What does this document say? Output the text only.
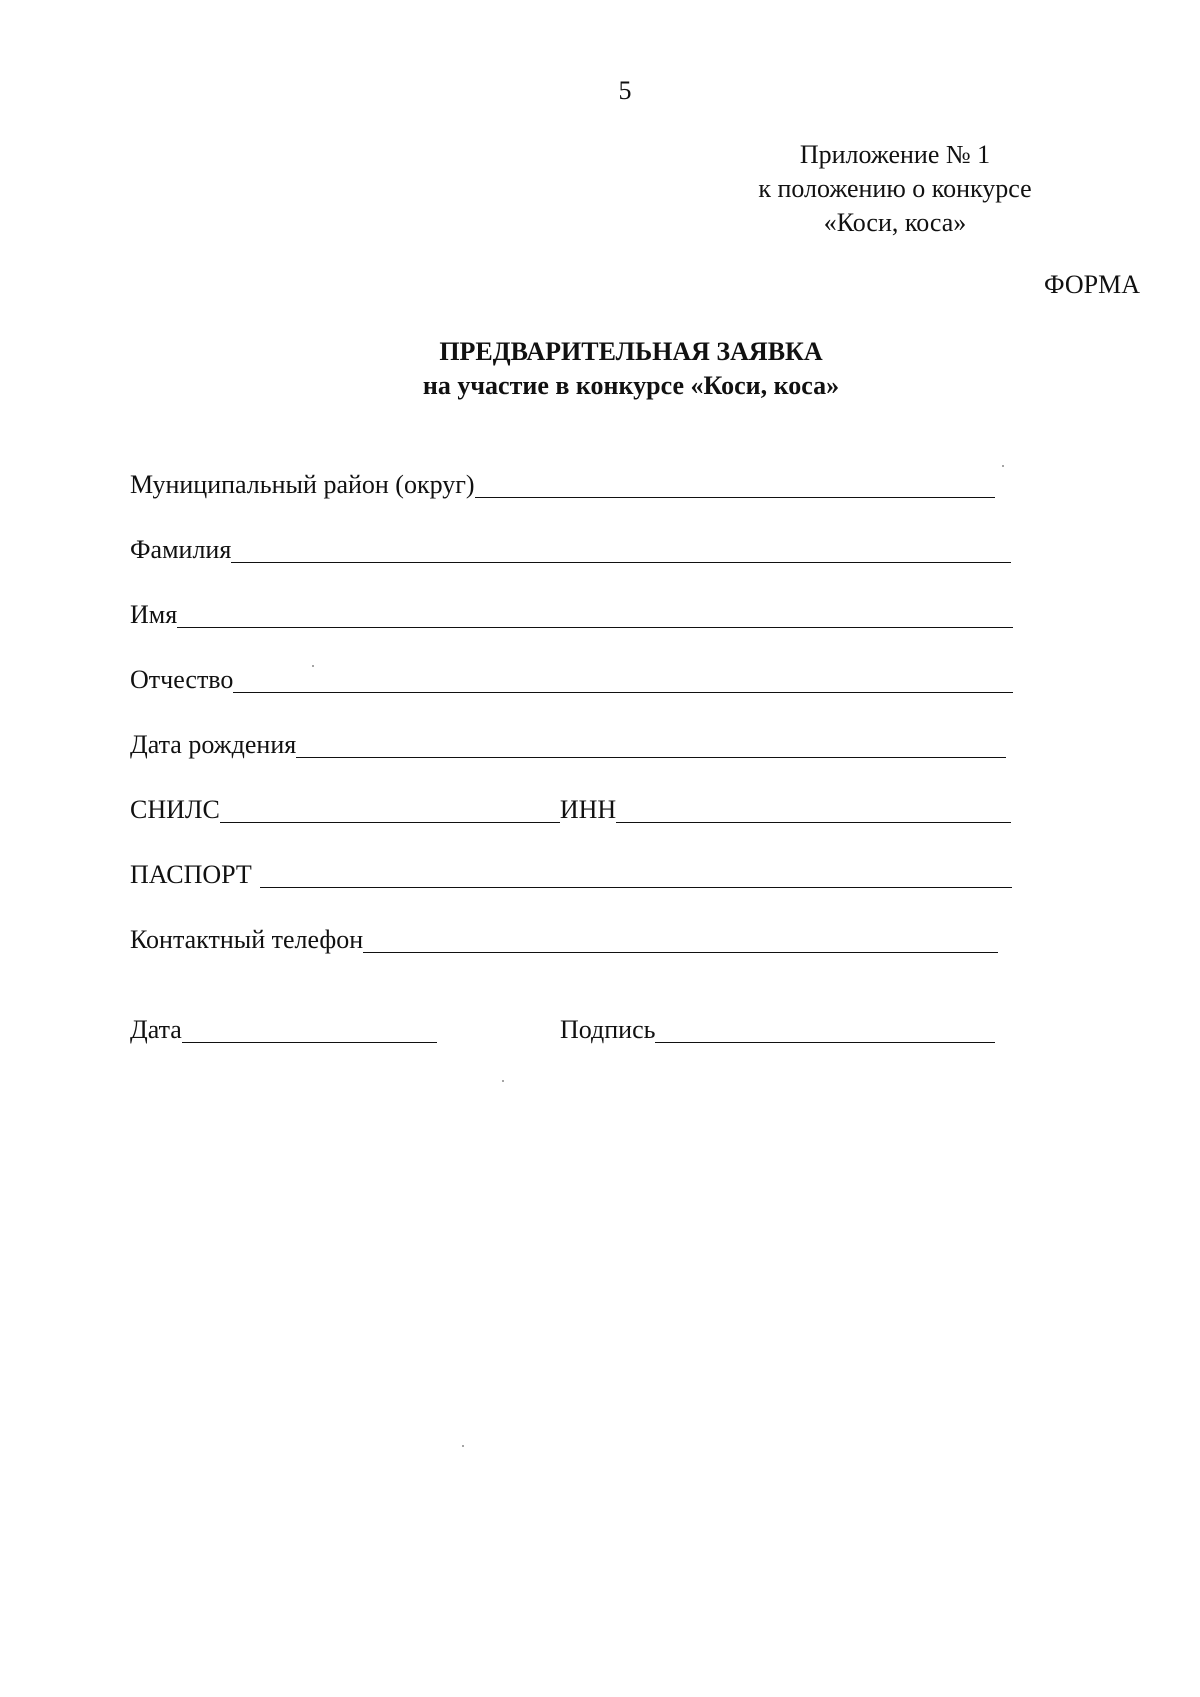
5
Приложение № 1
к положению о конкурсе
«Коси, коса»
ФОРМА
ПРЕДВАРИТЕЛЬНАЯ ЗАЯВКА
на участие в конкурсе «Коси, коса»
Муниципальный район (округ)
Фамилия
Имя
Отчество
Дата рождения
СНИЛС	ИНН
ПАСПОРТ
Контактный телефон
Дата	Подпись
